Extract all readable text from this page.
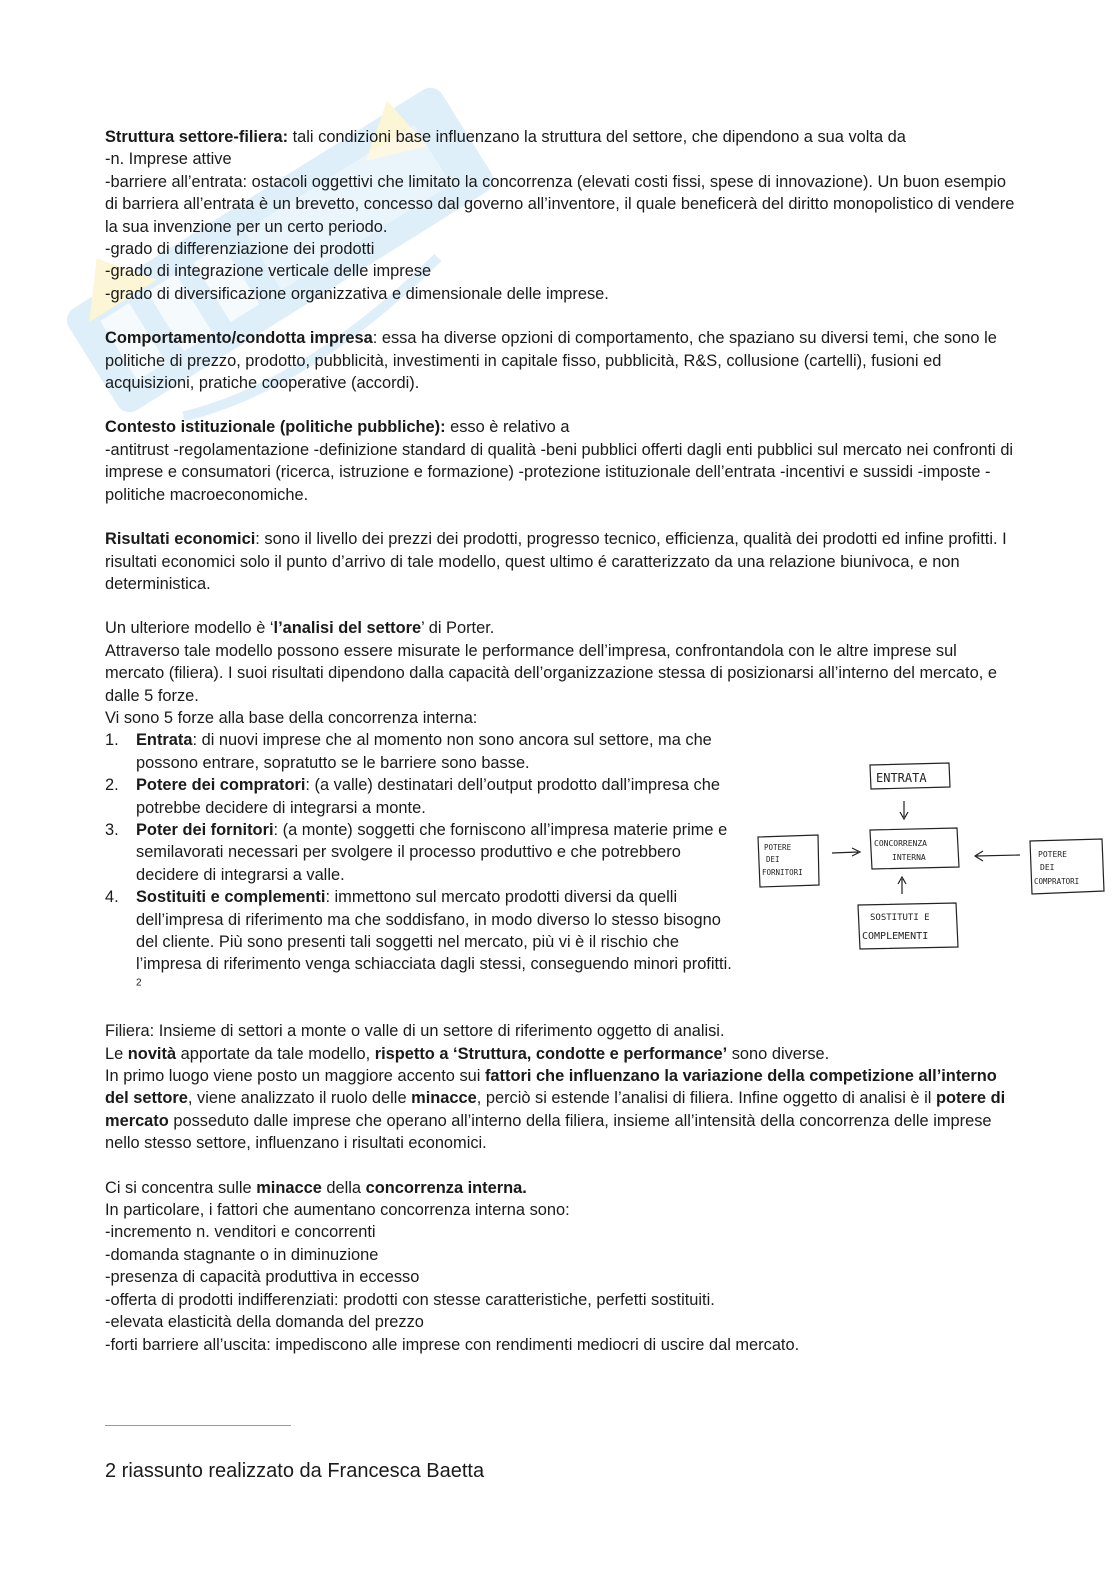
Struttura settore-filiera: tali condizioni base influenzano la struttura del settore, che dipendono a sua volta da

-n. Imprese attive

-barriere all’entrata: ostacoli oggettivi che limitato la concorrenza (elevati costi fissi, spese di innovazione). Un buon esempio di barriera all’entrata è un brevetto, concesso dal governo all’inventore, il quale beneficerà del diritto monopolistico di vendere la sua invenzione per un certo periodo.

-grado di differenziazione dei prodotti

-grado di integrazione verticale delle imprese

-grado di diversificazione organizzativa e dimensionale delle imprese.

Comportamento/condotta impresa: essa ha diverse opzioni di comportamento, che spaziano su diversi temi, che sono le politiche di prezzo, prodotto, pubblicità, investimenti in capitale fisso, pubblicità, R&S, collusione (cartelli), fusioni ed acquisizioni, pratiche cooperative (accordi).

Contesto istituzionale (politiche pubbliche): esso è relativo a

-antitrust -regolamentazione -definizione standard di qualità -beni pubblici offerti dagli enti pubblici sul mercato nei confronti di imprese e consumatori (ricerca, istruzione e formazione) -protezione istituzionale dell’entrata -incentivi e sussidi -imposte -politiche macroeconomiche.

Risultati economici: sono il livello dei prezzi dei prodotti, progresso tecnico, efficienza, qualità dei prodotti ed infine profitti. I risultati economici solo il punto d’arrivo di tale modello, quest ultimo é caratterizzato da una relazione biunivoca, e non deterministica.

Un ulteriore modello è ‘l’analisi del settore’ di Porter.

Attraverso tale modello possono essere misurate le performance dell’impresa, confrontandola con le altre imprese sul mercato (filiera). I suoi risultati dipendono dalla capacità dell’organizzazione stessa di posizionarsi all’interno del mercato, e dalle 5 forze.

Vi sono 5 forze alla base della concorrenza interna:

1. Entrata: di nuovi imprese che al momento non sono ancora sul settore, ma che possono entrare, sopratutto se le barriere sono basse.
2. Potere dei compratori: (a valle) destinatari dell’output prodotto dall’impresa che potrebbe decidere di integrarsi a monte.
3. Poter dei fornitori: (a monte) soggetti che forniscono all’impresa materie prime e semilavorati necessari per svolgere il processo produttivo e che potrebbero decidere di integrarsi a valle.
4. Sostituiti e complementi: immettono sul mercato prodotti diversi da quelli dell’impresa di riferimento ma che soddisfano, in modo diverso lo stesso bisogno del cliente. Più sono presenti tali soggetti nel mercato, più vi è il rischio che l’impresa di riferimento venga schiacciata dagli stessi, conseguendo minori profitti. $^2$

Filiera: Insieme di settori a monte o valle di un settore di riferimento oggetto di analisi.

Le novità apportate da tale modello, rispetto a ‘Struttura, condotte e performance’ sono diverse.

In primo luogo viene posto un maggiore accento sui fattori che influenzano la variazione della competizione all’interno del settore, viene analizzato il ruolo delle minacce, perciò si estende l’analisi di filiera. Infine oggetto di analisi è il potere di mercato posseduto dalle imprese che operano all’interno della filiera, insieme all’intensità della concorrenza delle imprese nello stesso settore, influenzano i risultati economici.

Ci si concentra sulle minacce della concorrenza interna.

In particolare, i fattori che aumentano concorrenza interna sono:

-incremento n. venditori e concorrenti

-domanda stagnante o in diminuzione

-presenza di capacità produttiva in eccesso

-offerta di prodotti indifferenziati: prodotti con stesse caratteristiche, perfetti sostituiti.

-elevata elasticità della domanda del prezzo

-forti barriere all’uscita: impediscono alle imprese con rendimenti mediocri di uscire dal mercato.

ENTRATA
CONCORRENZA
INTERNA
POTERE
DEI
FORNITORI
POTERE
DEI
COMPRATORI
SOSTITUTI E
COMPLEMENTI

2 riassunto realizzato da Francesca Baetta
